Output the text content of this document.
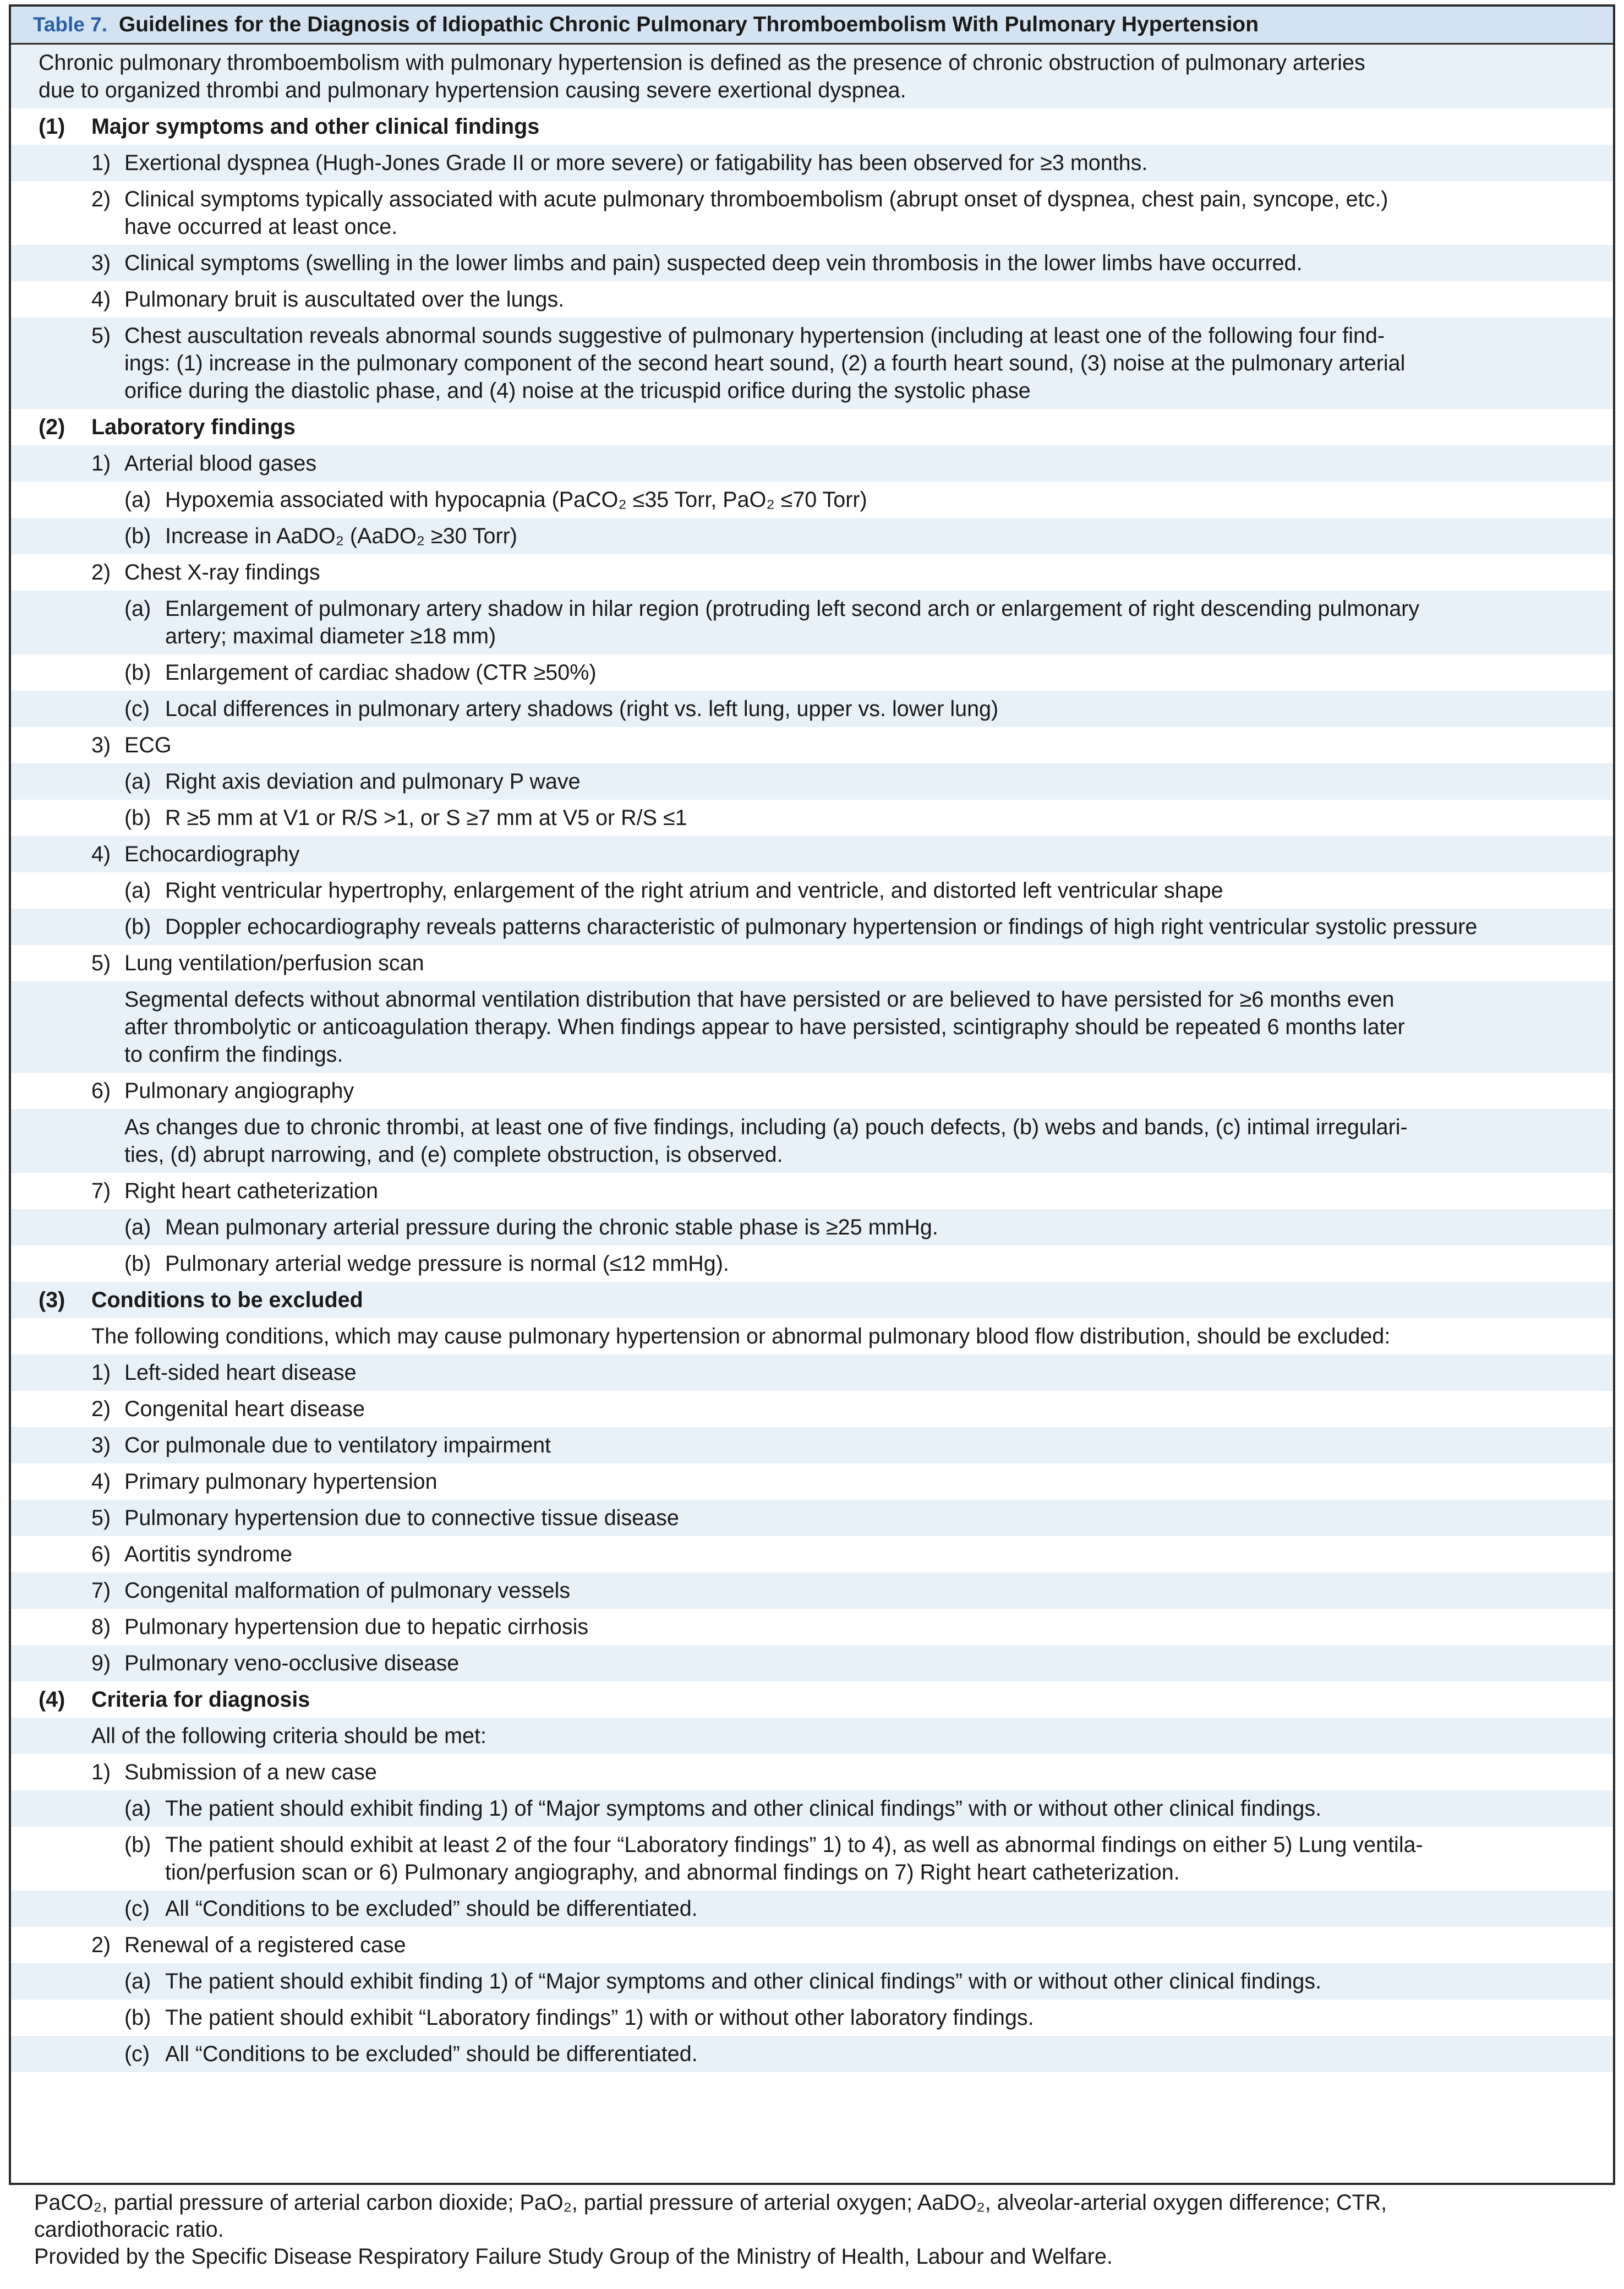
Table 7. Guidelines for the Diagnosis of Idiopathic Chronic Pulmonary Thromboembolism With Pulmonary Hypertension
Chronic pulmonary thromboembolism with pulmonary hypertension is defined as the presence of chronic obstruction of pulmonary arteries
due to organized thrombi and pulmonary hypertension causing severe exertional dyspnea.
(1) Major symptoms and other clinical findings
1) Exertional dyspnea (Hugh-Jones Grade II or more severe) or fatigability has been observed for ≥3 months.
2) Clinical symptoms typically associated with acute pulmonary thromboembolism (abrupt onset of dyspnea, chest pain, syncope, etc.)
have occurred at least once.
3) Clinical symptoms (swelling in the lower limbs and pain) suspected deep vein thrombosis in the lower limbs have occurred.
4) Pulmonary bruit is auscultated over the lungs.
5) Chest auscultation reveals abnormal sounds suggestive of pulmonary hypertension (including at least one of the following four find-
ings: (1) increase in the pulmonary component of the second heart sound, (2) a fourth heart sound, (3) noise at the pulmonary arterial
orifice during the diastolic phase, and (4) noise at the tricuspid orifice during the systolic phase
(2) Laboratory findings
1) Arterial blood gases
(a) Hypoxemia associated with hypocapnia (PaCO₂ ≤35 Torr, PaO₂ ≤70 Torr)
(b) Increase in AaDO₂ (AaDO₂ ≥30 Torr)
2) Chest X-ray findings
(a) Enlargement of pulmonary artery shadow in hilar region (protruding left second arch or enlargement of right descending pulmonary
artery; maximal diameter ≥18 mm)
(b) Enlargement of cardiac shadow (CTR ≥50%)
(c) Local differences in pulmonary artery shadows (right vs. left lung, upper vs. lower lung)
3) ECG
(a) Right axis deviation and pulmonary P wave
(b) R ≥5 mm at V1 or R/S >1, or S ≥7 mm at V5 or R/S ≤1
4) Echocardiography
(a) Right ventricular hypertrophy, enlargement of the right atrium and ventricle, and distorted left ventricular shape
(b) Doppler echocardiography reveals patterns characteristic of pulmonary hypertension or findings of high right ventricular systolic pressure
5) Lung ventilation/perfusion scan
Segmental defects without abnormal ventilation distribution that have persisted or are believed to have persisted for ≥6 months even
after thrombolytic or anticoagulation therapy. When findings appear to have persisted, scintigraphy should be repeated 6 months later
to confirm the findings.
6) Pulmonary angiography
As changes due to chronic thrombi, at least one of five findings, including (a) pouch defects, (b) webs and bands, (c) intimal irregulari-
ties, (d) abrupt narrowing, and (e) complete obstruction, is observed.
7) Right heart catheterization
(a) Mean pulmonary arterial pressure during the chronic stable phase is ≥25 mmHg.
(b) Pulmonary arterial wedge pressure is normal (≤12 mmHg).
(3) Conditions to be excluded
The following conditions, which may cause pulmonary hypertension or abnormal pulmonary blood flow distribution, should be excluded:
1) Left-sided heart disease
2) Congenital heart disease
3) Cor pulmonale due to ventilatory impairment
4) Primary pulmonary hypertension
5) Pulmonary hypertension due to connective tissue disease
6) Aortitis syndrome
7) Congenital malformation of pulmonary vessels
8) Pulmonary hypertension due to hepatic cirrhosis
9) Pulmonary veno-occlusive disease
(4) Criteria for diagnosis
All of the following criteria should be met:
1) Submission of a new case
(a) The patient should exhibit finding 1) of “Major symptoms and other clinical findings” with or without other clinical findings.
(b) The patient should exhibit at least 2 of the four “Laboratory findings” 1) to 4), as well as abnormal findings on either 5) Lung ventila-
tion/perfusion scan or 6) Pulmonary angiography, and abnormal findings on 7) Right heart catheterization.
(c) All “Conditions to be excluded” should be differentiated.
2) Renewal of a registered case
(a) The patient should exhibit finding 1) of “Major symptoms and other clinical findings” with or without other clinical findings.
(b) The patient should exhibit “Laboratory findings” 1) with or without other laboratory findings.
(c) All “Conditions to be excluded” should be differentiated.
PaCO₂, partial pressure of arterial carbon dioxide; PaO₂, partial pressure of arterial oxygen; AaDO₂, alveolar-arterial oxygen difference; CTR,
cardiothoracic ratio.
Provided by the Specific Disease Respiratory Failure Study Group of the Ministry of Health, Labour and Welfare.
